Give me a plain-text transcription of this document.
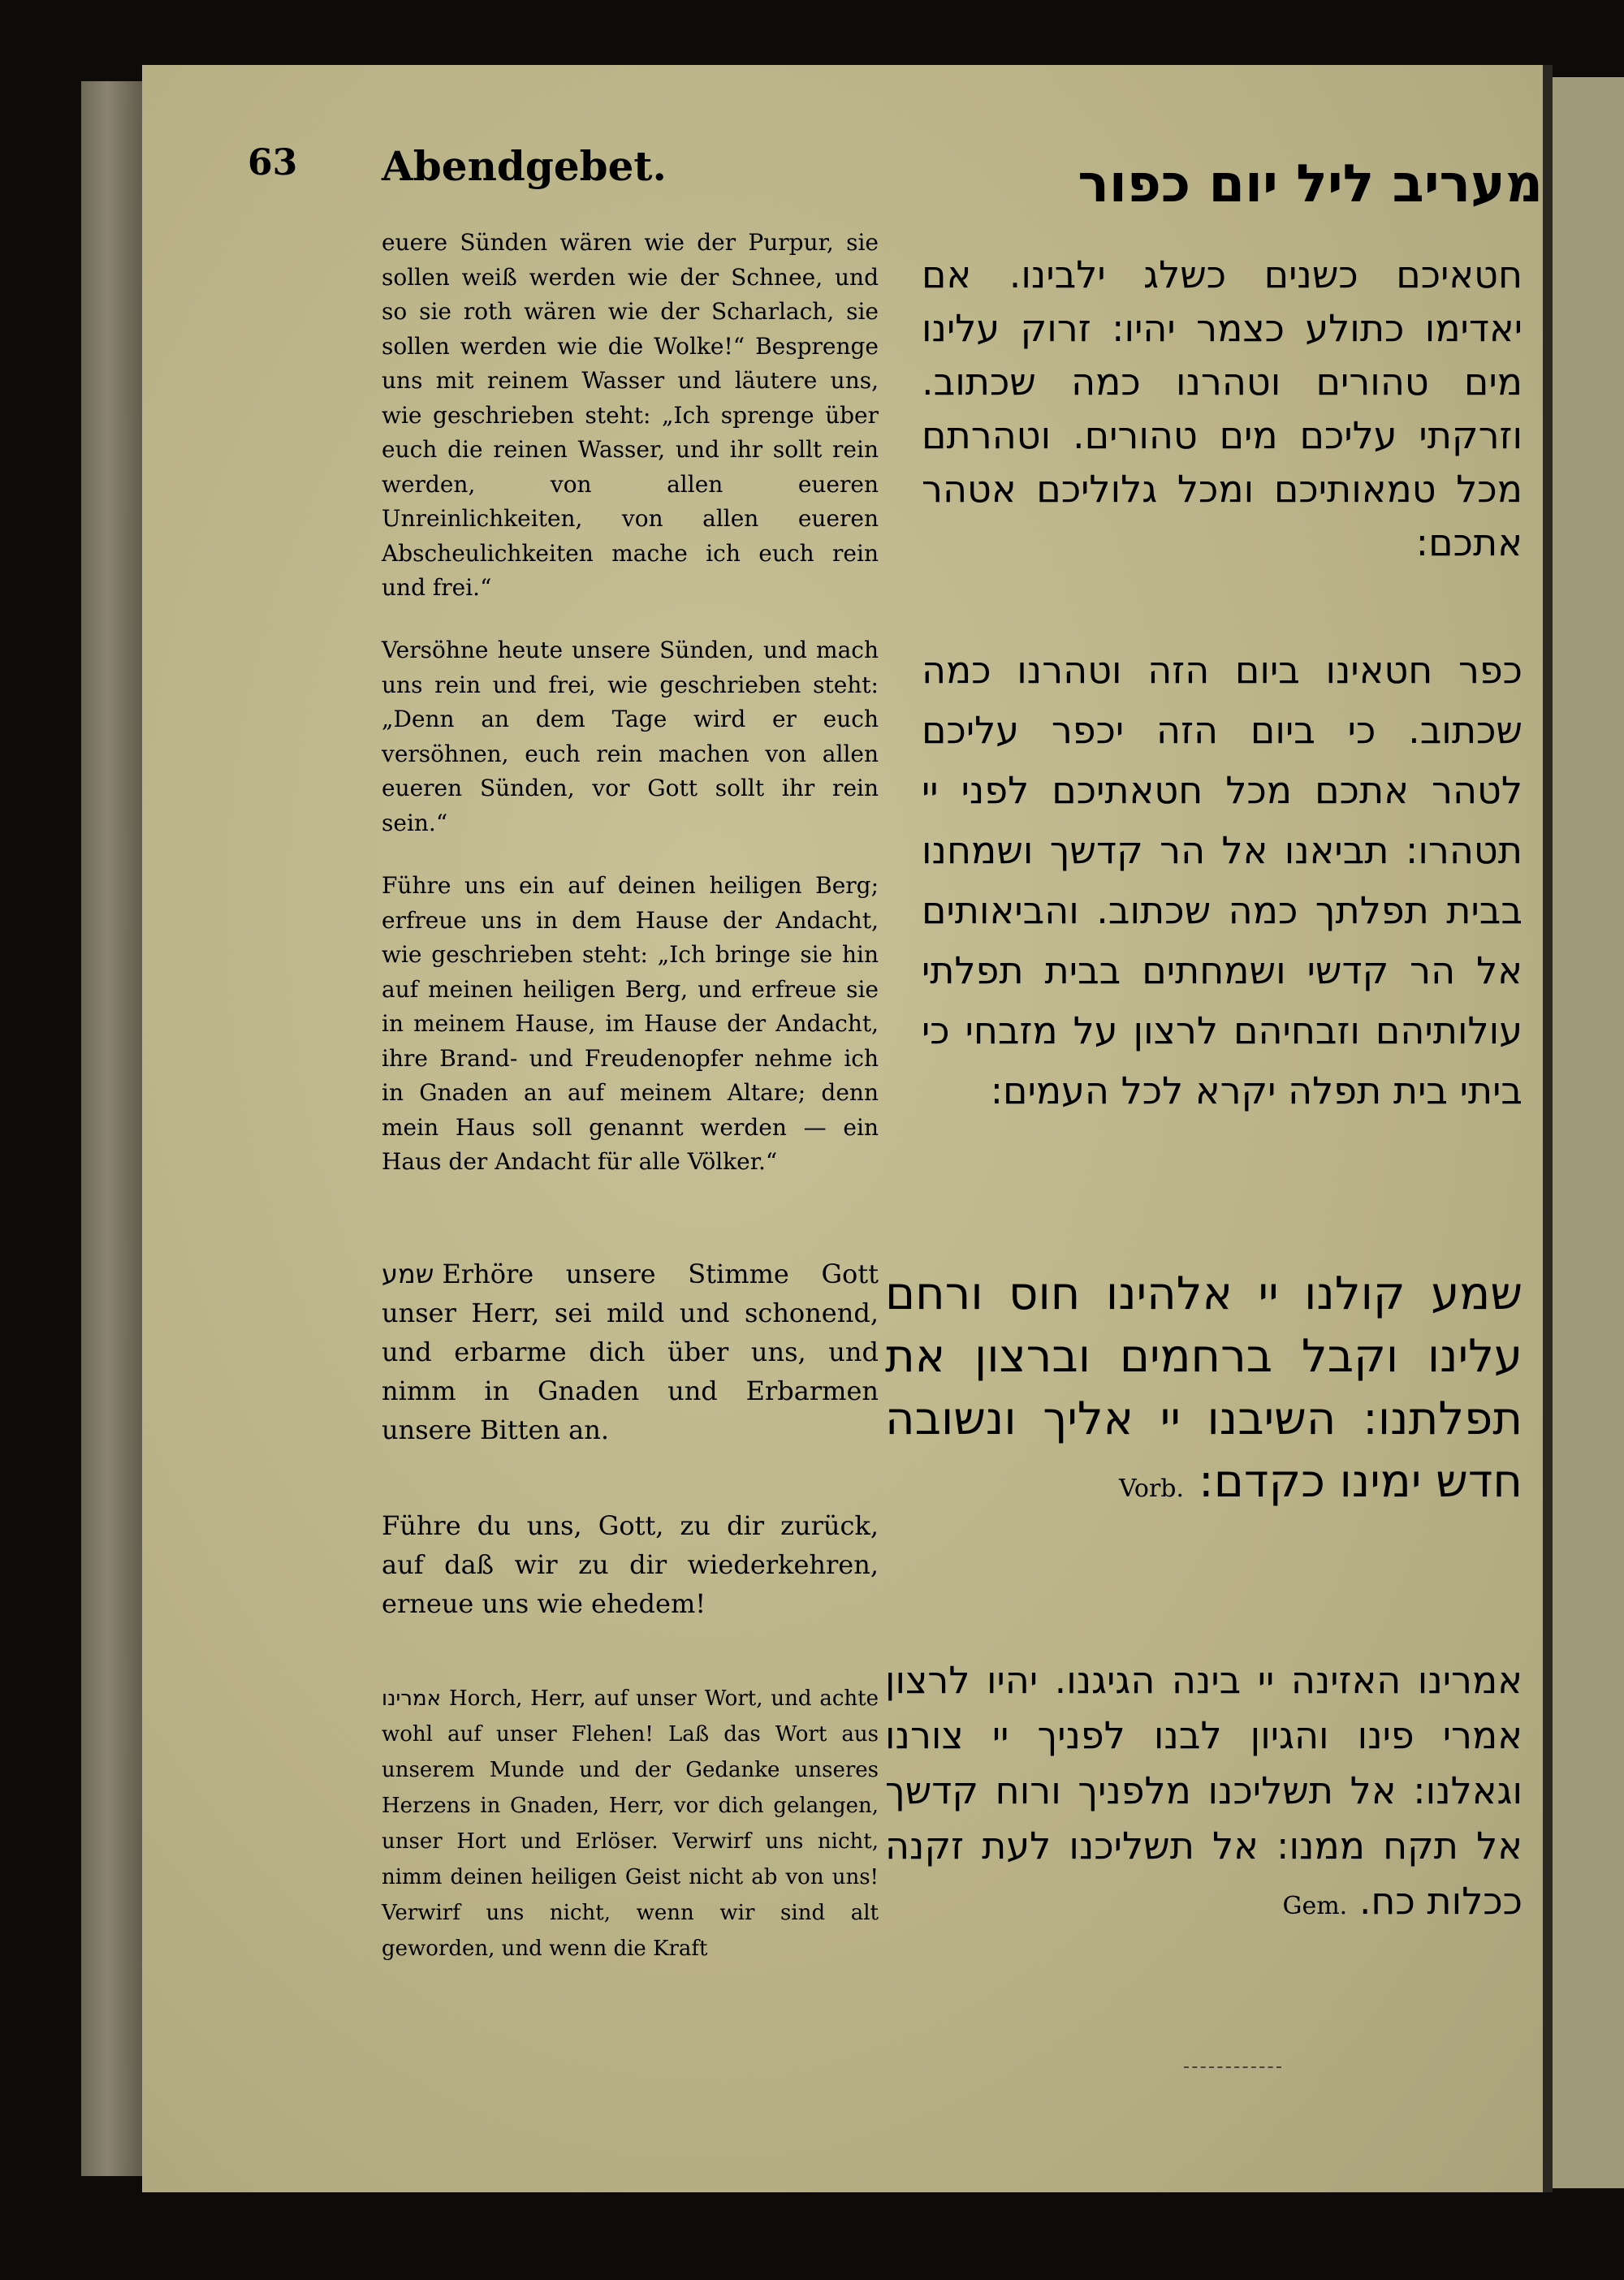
63 Abendgebet.	מעריב ליל יום כפור

euere Sünden wären wie der Purpur, sie sollen weiß werden wie der Schnee, und so sie roth wären wie der Scharlach, sie sollen werden wie die Wolke!“ Besprenge uns mit reinem Wasser und läutere uns, wie geschrieben steht: „Ich sprenge über euch die reinen Wasser, und ihr sollt rein werden, von allen eueren Unreinlichkeiten, von allen eueren Abscheulichkeiten mache ich euch rein und frei.“

Versöhne heute unsere Sünden, und mach uns rein und frei, wie geschrieben steht: „Denn an dem Tage wird er euch versöhnen, euch rein machen von allen eueren Sünden, vor Gott sollt ihr rein sein.“

Führe uns ein auf deinen heiligen Berg; erfreue uns in dem Hause der Andacht, wie geschrieben steht: „Ich bringe sie hin auf meinen heiligen Berg, und erfreue sie in meinem Hause, im Hause der Andacht, ihre Brand- und Freudenopfer nehme ich in Gnaden an auf meinem Altare; denn mein Haus soll genannt werden — ein Haus der Andacht für alle Völker.“

שמע Erhöre unsere Stimme Gott unser Herr, sei mild und schonend, und erbarme dich über uns, und nimm in Gnaden und Erbarmen unsere Bitten an.

Führe du uns, Gott, zu dir zurück, auf daß wir zu dir wiederkehren, erneue uns wie ehedem!

אמרינו Horch, Herr, auf unser Wort, und achte wohl auf unser Flehen! Laß das Wort aus unserem Munde und der Gedanke unseres Herzens in Gnaden, Herr, vor dich gelangen, unser Hort und Erlöser. Verwirf uns nicht, nimm deinen heiligen Geist nicht ab von uns! Verwirf uns nicht, wenn wir sind alt geworden, und wenn die Kraft

חטאיכם כשנים כשלג ילבינו. אם יאדימו כתולע כצמר יהיו: זרוק עלינו מים טהורים וטהרנו כמה שכתוב. וזרקתי עליכם מים טהורים. וטהרתם מכל טמאותיכם ומכל גלוליכם אטהר אתכם:

כפר חטאינו ביום הזה וטהרנו כמה שכתוב. כי ביום הזה יכפר עליכם לטהר אתכם מכל חטאתיכם לפני יי תטהרו: תביאנו אל הר קדשך ושמחנו בבית תפלתך כמה שכתוב. והביאותים אל הר קדשי ושמחתים בבית תפלתי עולותיהם וזבחיהם לרצון על מזבחי כי ביתי בית תפלה יקרא לכל העמים:

שמע קולנו יי אלהינו חוס ורחם עלינו וקבל ברחמים וברצון את תפלתנו: השיבנו יי אליך ונשובה חדש ימינו כקדם: Vorb.

אמרינו האזינה יי בינה הגיגנו. יהיו לרצון אמרי פינו והגיון לבנו לפניך יי צורנו וגאלנו: אל תשליכנו מלפניך ורוח קדשך אל תקח ממנו: אל תשליכנו לעת זקנה ככלות כח. Gem.
